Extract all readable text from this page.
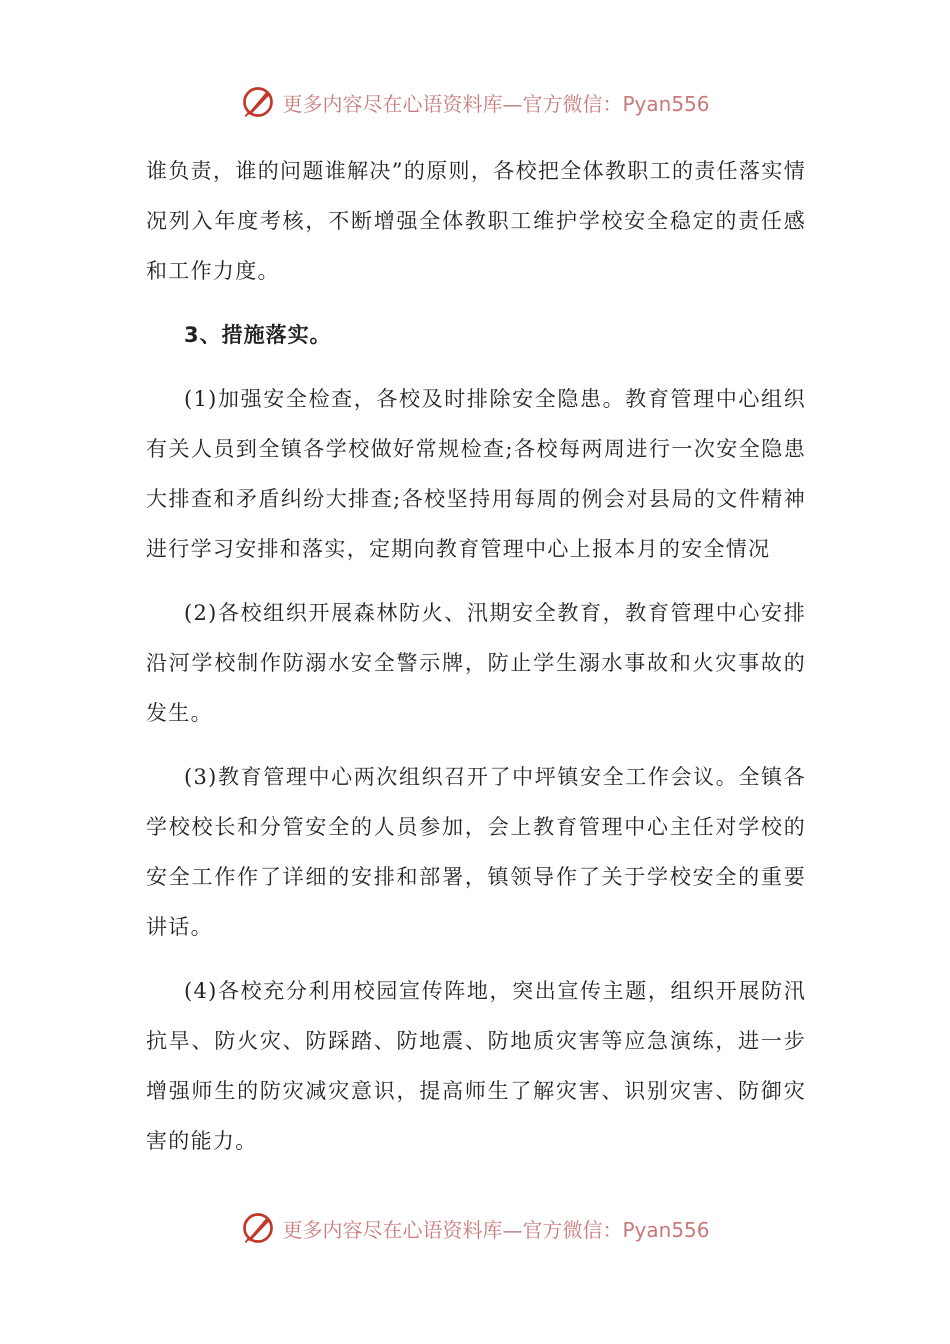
更多内容尽在心语资料库—官方微信：Pyan556

谁负责，谁的问题谁解决”的原则，各校把全体教职工的责任落实情况列入年度考核，不断增强全体教职工维护学校安全稳定的责任感和工作力度。

3、措施落实。

(1)加强安全检查，各校及时排除安全隐患。教育管理中心组织有关人员到全镇各学校做好常规检查;各校每两周进行一次安全隐患大排查和矛盾纠纷大排查;各校坚持用每周的例会对县局的文件精神进行学习安排和落实，定期向教育管理中心上报本月的安全情况

(2)各校组织开展森林防火、汛期安全教育，教育管理中心安排沿河学校制作防溺水安全警示牌，防止学生溺水事故和火灾事故的发生。

(3)教育管理中心两次组织召开了中坪镇安全工作会议。全镇各学校校长和分管安全的人员参加，会上教育管理中心主任对学校的安全工作作了详细的安排和部署，镇领导作了关于学校安全的重要讲话。

(4)各校充分利用校园宣传阵地，突出宣传主题，组织开展防汛抗旱、防火灾、防踩踏、防地震、防地质灾害等应急演练，进一步增强师生的防灾减灾意识，提高师生了解灾害、识别灾害、防御灾害的能力。

更多内容尽在心语资料库—官方微信：Pyan556
